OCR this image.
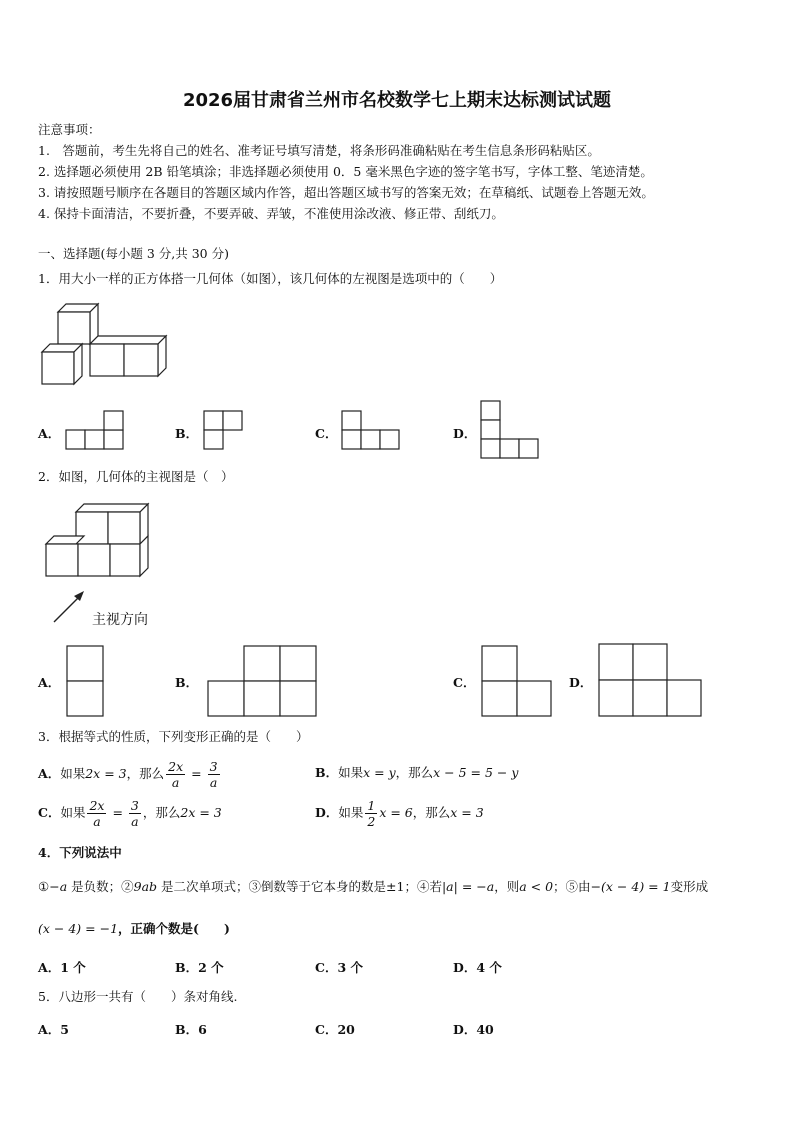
2026届甘肃省兰州市名校数学七上期末达标测试试题
注意事项：
1.　答题前，考生先将自己的姓名、准考证号填写清楚，将条形码准确粘贴在考生信息条形码粘贴区。
2. 选择题必须使用 2B 铅笔填涂；非选择题必须使用 0．5 毫米黑色字迹的签字笔书写，字体工整、笔迹清楚。
3. 请按照题号顺序在各题目的答题区域内作答，超出答题区域书写的答案无效；在草稿纸、试题卷上答题无效。
4. 保持卡面清洁，不要折叠，不要弄破、弄皱，不准使用涂改液、修正带、刮纸刀。
一、选择题(每小题 3 分,共 30 分)
1．用大小一样的正方体搭一几何体（如图），该几何体的左视图是选项中的（　　）
A．	B．	C．	D．
2．如图，几何体的主视图是（　）
主视方向
A．	B．	C．	D．
3．根据等式的性质，下列变形正确的是（　　）
A．如果2x = 3，那么 $\frac{2x}{a} = \frac{3}{a}$	B．如果x = y，那么x − 5 = 5 − y
C．如果 $\frac{2x}{a} = \frac{3}{a}$ ，那么2x = 3	D．如果 $\frac{1}{2}$ x = 6，那么x = 3
4．下列说法中
①−a 是负数；②9ab 是二次单项式；③倒数等于它本身的数是±1；④若|a| = −a，则a < 0；⑤由−(x − 4) = 1变形成
(x − 4) = −1，正确个数是(　　)
A．1 个	B．2 个	C．3 个	D．4 个
5．八边形一共有（　　）条对角线.
A．5	B．6	C．20	D．40
